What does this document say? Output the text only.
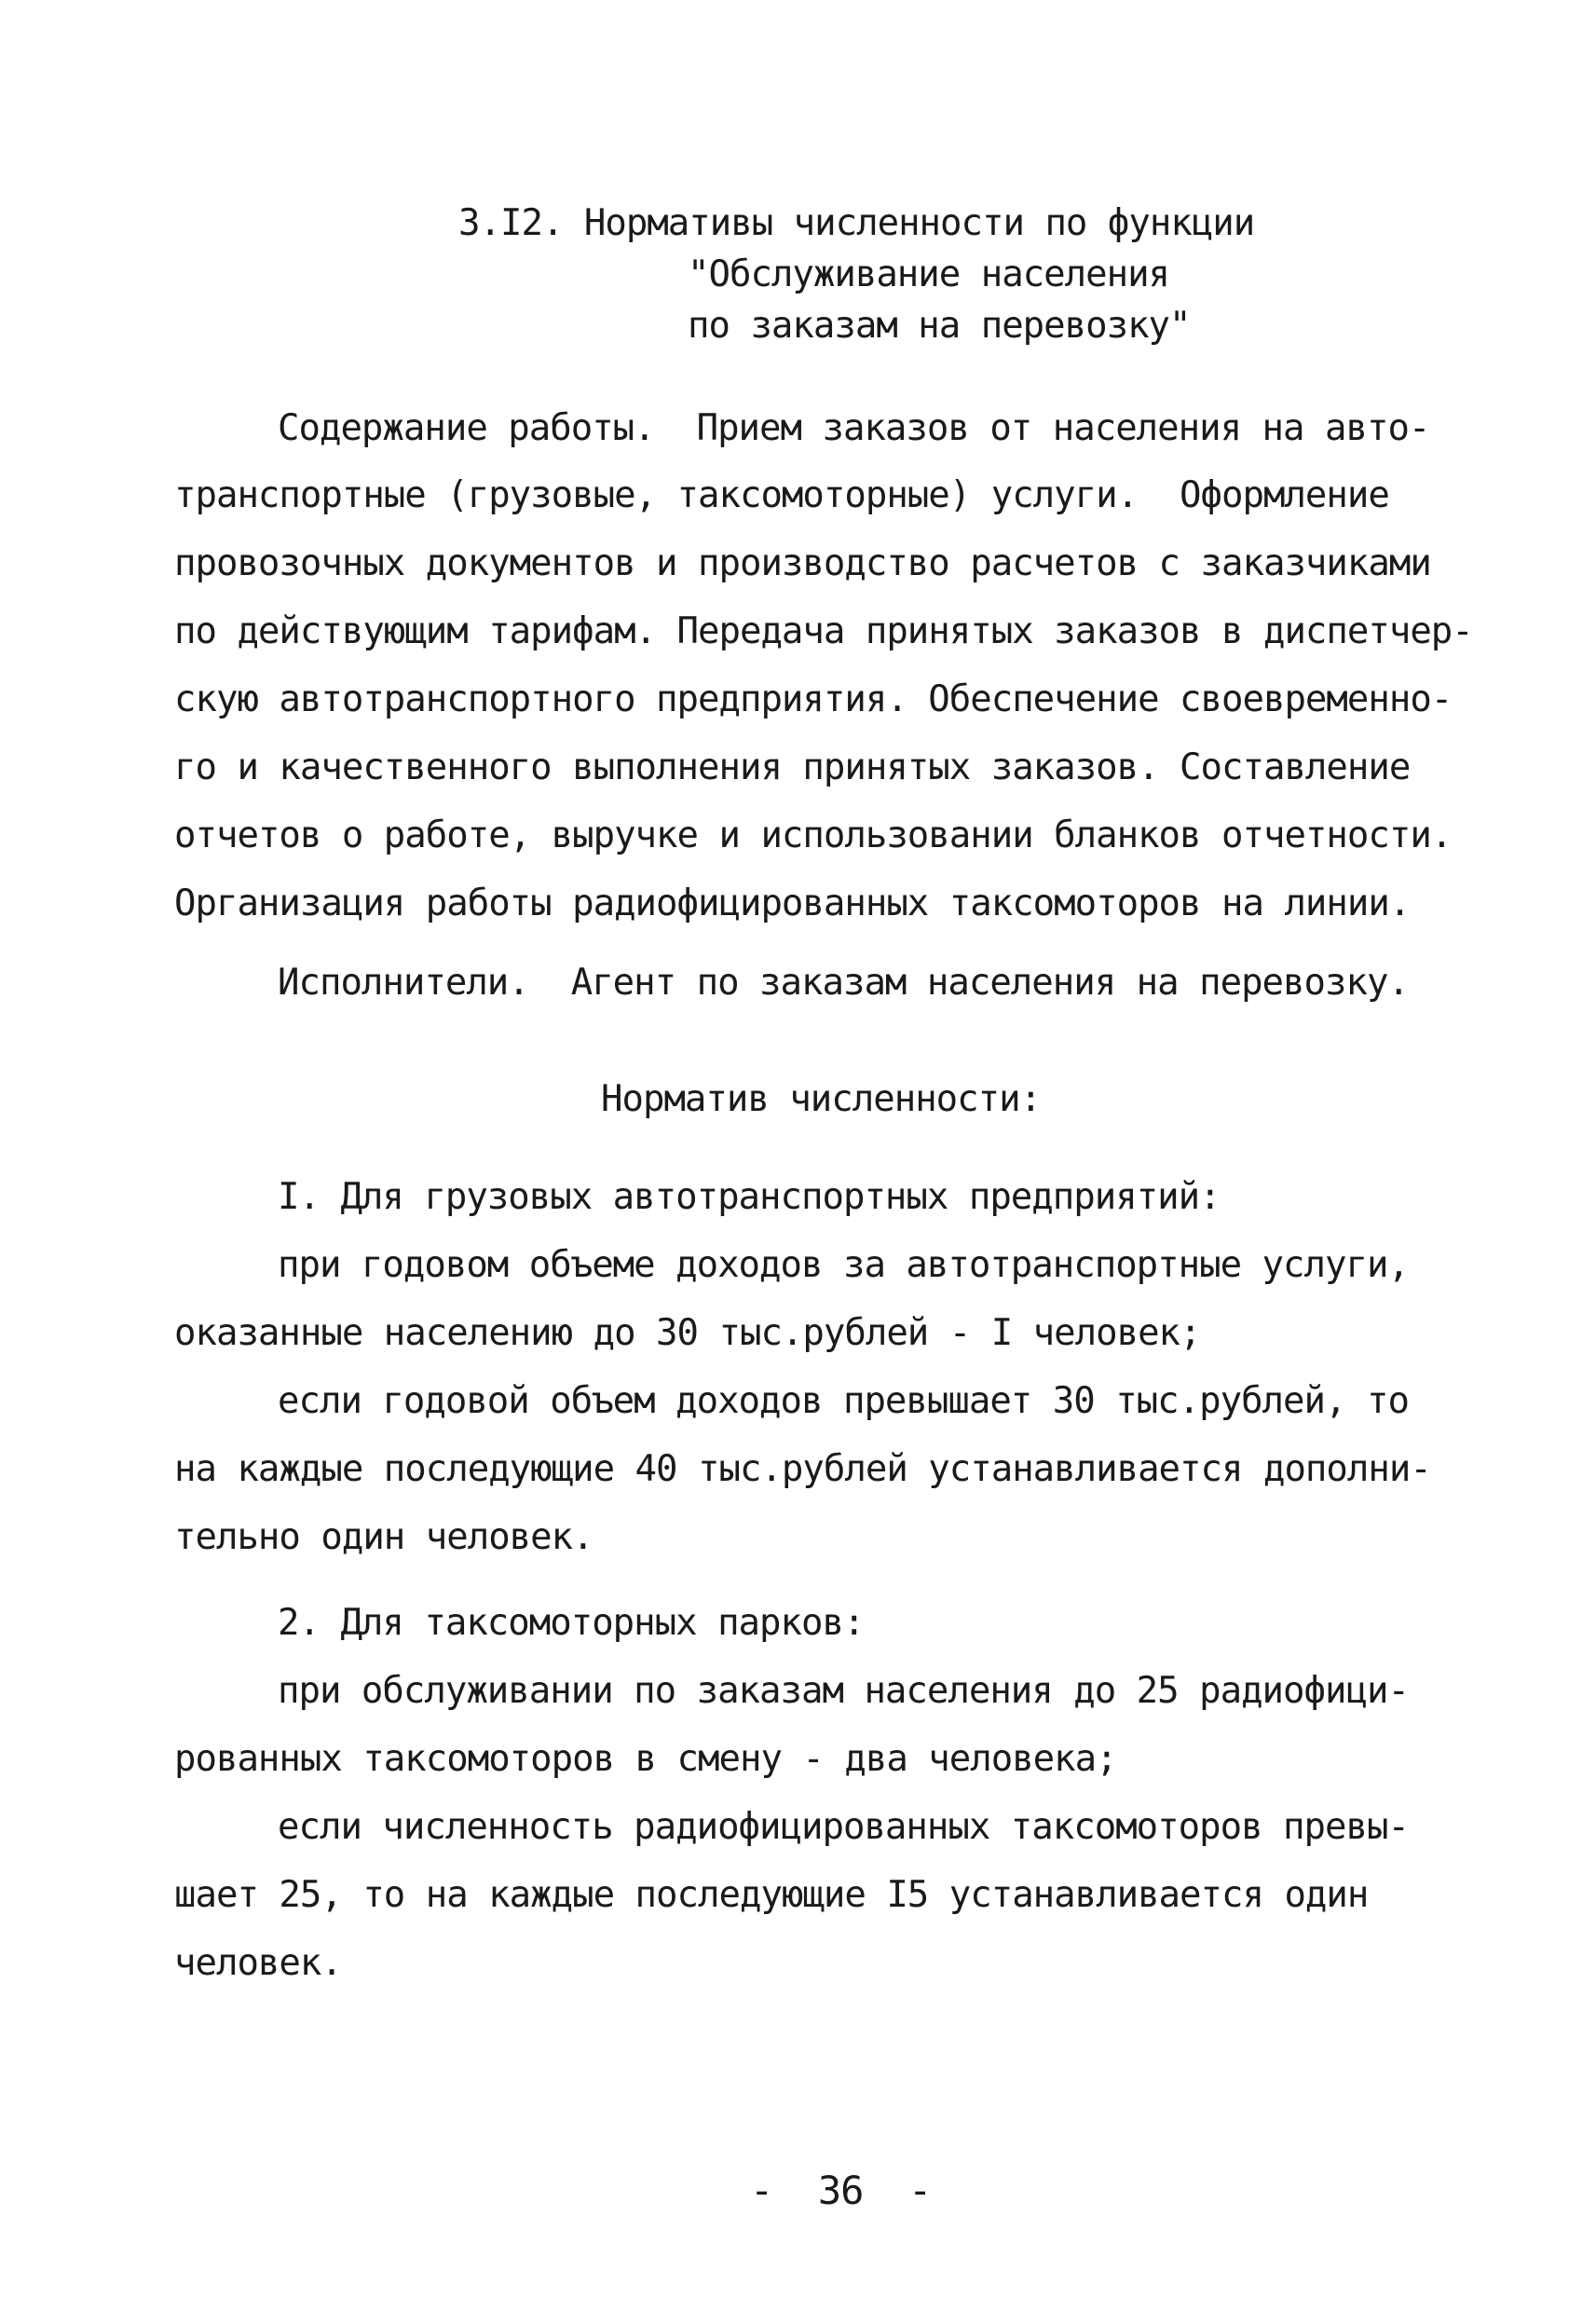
3.I2. Нормативы численности по функции
"Обслуживание населения
по заказам на перевозку"
Содержание работы.  Прием заказов от населения на авто-
транспортные (грузовые, таксомоторные) услуги.  Оформление
провозочных документов и производство расчетов с заказчиками
по действующим тарифам. Передача принятых заказов в диспетчер-
скую автотранспортного предприятия. Обеспечение своевременно-
го и качественного выполнения принятых заказов. Составление
отчетов о работе, выручке и использовании бланков отчетности.
Организация работы радиофицированных таксомоторов на линии.
Исполнители.  Агент по заказам населения на перевозку.
Норматив численности:
I. Для грузовых автотранспортных предприятий:
при годовом объеме доходов за автотранспортные услуги,
оказанные населению до 30 тыс.рублей - I человек;
если годовой объем доходов превышает 30 тыс.рублей, то
на каждые последующие 40 тыс.рублей устанавливается дополни-
тельно один человек.
2. Для таксомоторных парков:
при обслуживании по заказам населения до 25 радиофици-
рованных таксомоторов в смену - два человека;
если численность радиофицированных таксомоторов превы-
шает 25, то на каждые последующие I5 устанавливается один
человек.
-  36  -
